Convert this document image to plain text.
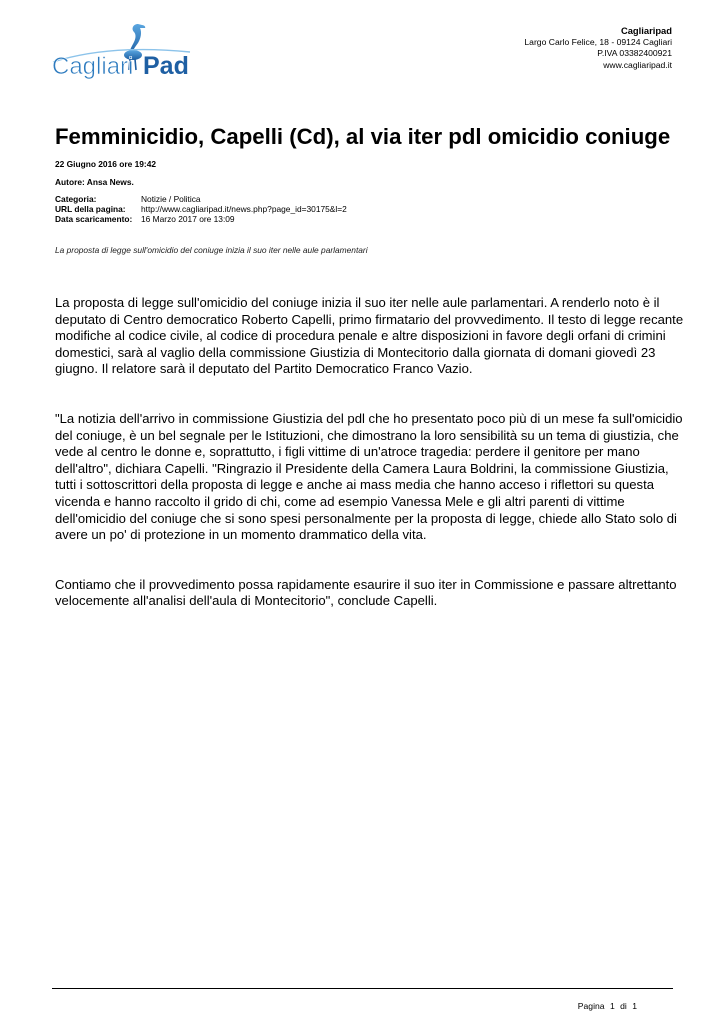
Cagliari Pad
Cagliaripad
Largo Carlo Felice, 18 - 09124 Cagliari
P.IVA 03382400921
www.cagliaripad.it
Femminicidio, Capelli (Cd), al via iter pdl omicidio coniuge
22 Giugno 2016 ore 19:42
Autore: Ansa News.
Categoria:	Notizie / Politica
URL della pagina:	http://www.cagliaripad.it/news.php?page_id=30175&l=2
Data scaricamento:	16 Marzo 2017 ore 13:09
La proposta di legge sull'omicidio del coniuge inizia il suo iter nelle aule parlamentari

La proposta di legge sull'omicidio del coniuge inizia il suo iter nelle aule parlamentari. A renderlo noto è il deputato di Centro democratico Roberto Capelli, primo firmatario del provvedimento. Il testo di legge recante modifiche al codice civile, al codice di procedura penale e altre disposizioni in favore degli orfani di crimini domestici, sarà al vaglio della commissione Giustizia di Montecitorio dalla giornata di domani giovedì 23 giugno. Il relatore sarà il deputato del Partito Democratico Franco Vazio.

"La notizia dell'arrivo in commissione Giustizia del pdl che ho presentato poco più di un mese fa sull'omicidio del coniuge, è un bel segnale per le Istituzioni, che dimostrano la loro sensibilità su un tema di giustizia, che vede al centro le donne e, soprattutto, i figli vittime di un'atroce tragedia: perdere il genitore per mano dell'altro", dichiara Capelli. "Ringrazio il Presidente della Camera Laura Boldrini, la commissione Giustizia, tutti i sottoscrittori della proposta di legge e anche ai mass media che hanno acceso i riflettori su questa vicenda e hanno raccolto il grido di chi, come ad esempio Vanessa Mele e gli altri parenti di vittime dell'omicidio del coniuge che si sono spesi personalmente per la proposta di legge, chiede allo Stato solo di avere un po' di protezione in un momento drammatico della vita.

Contiamo che il provvedimento possa rapidamente esaurire il suo iter in Commissione e passare altrettanto velocemente all'analisi dell'aula di Montecitorio", conclude Capelli.

Pagina 1 di 1
